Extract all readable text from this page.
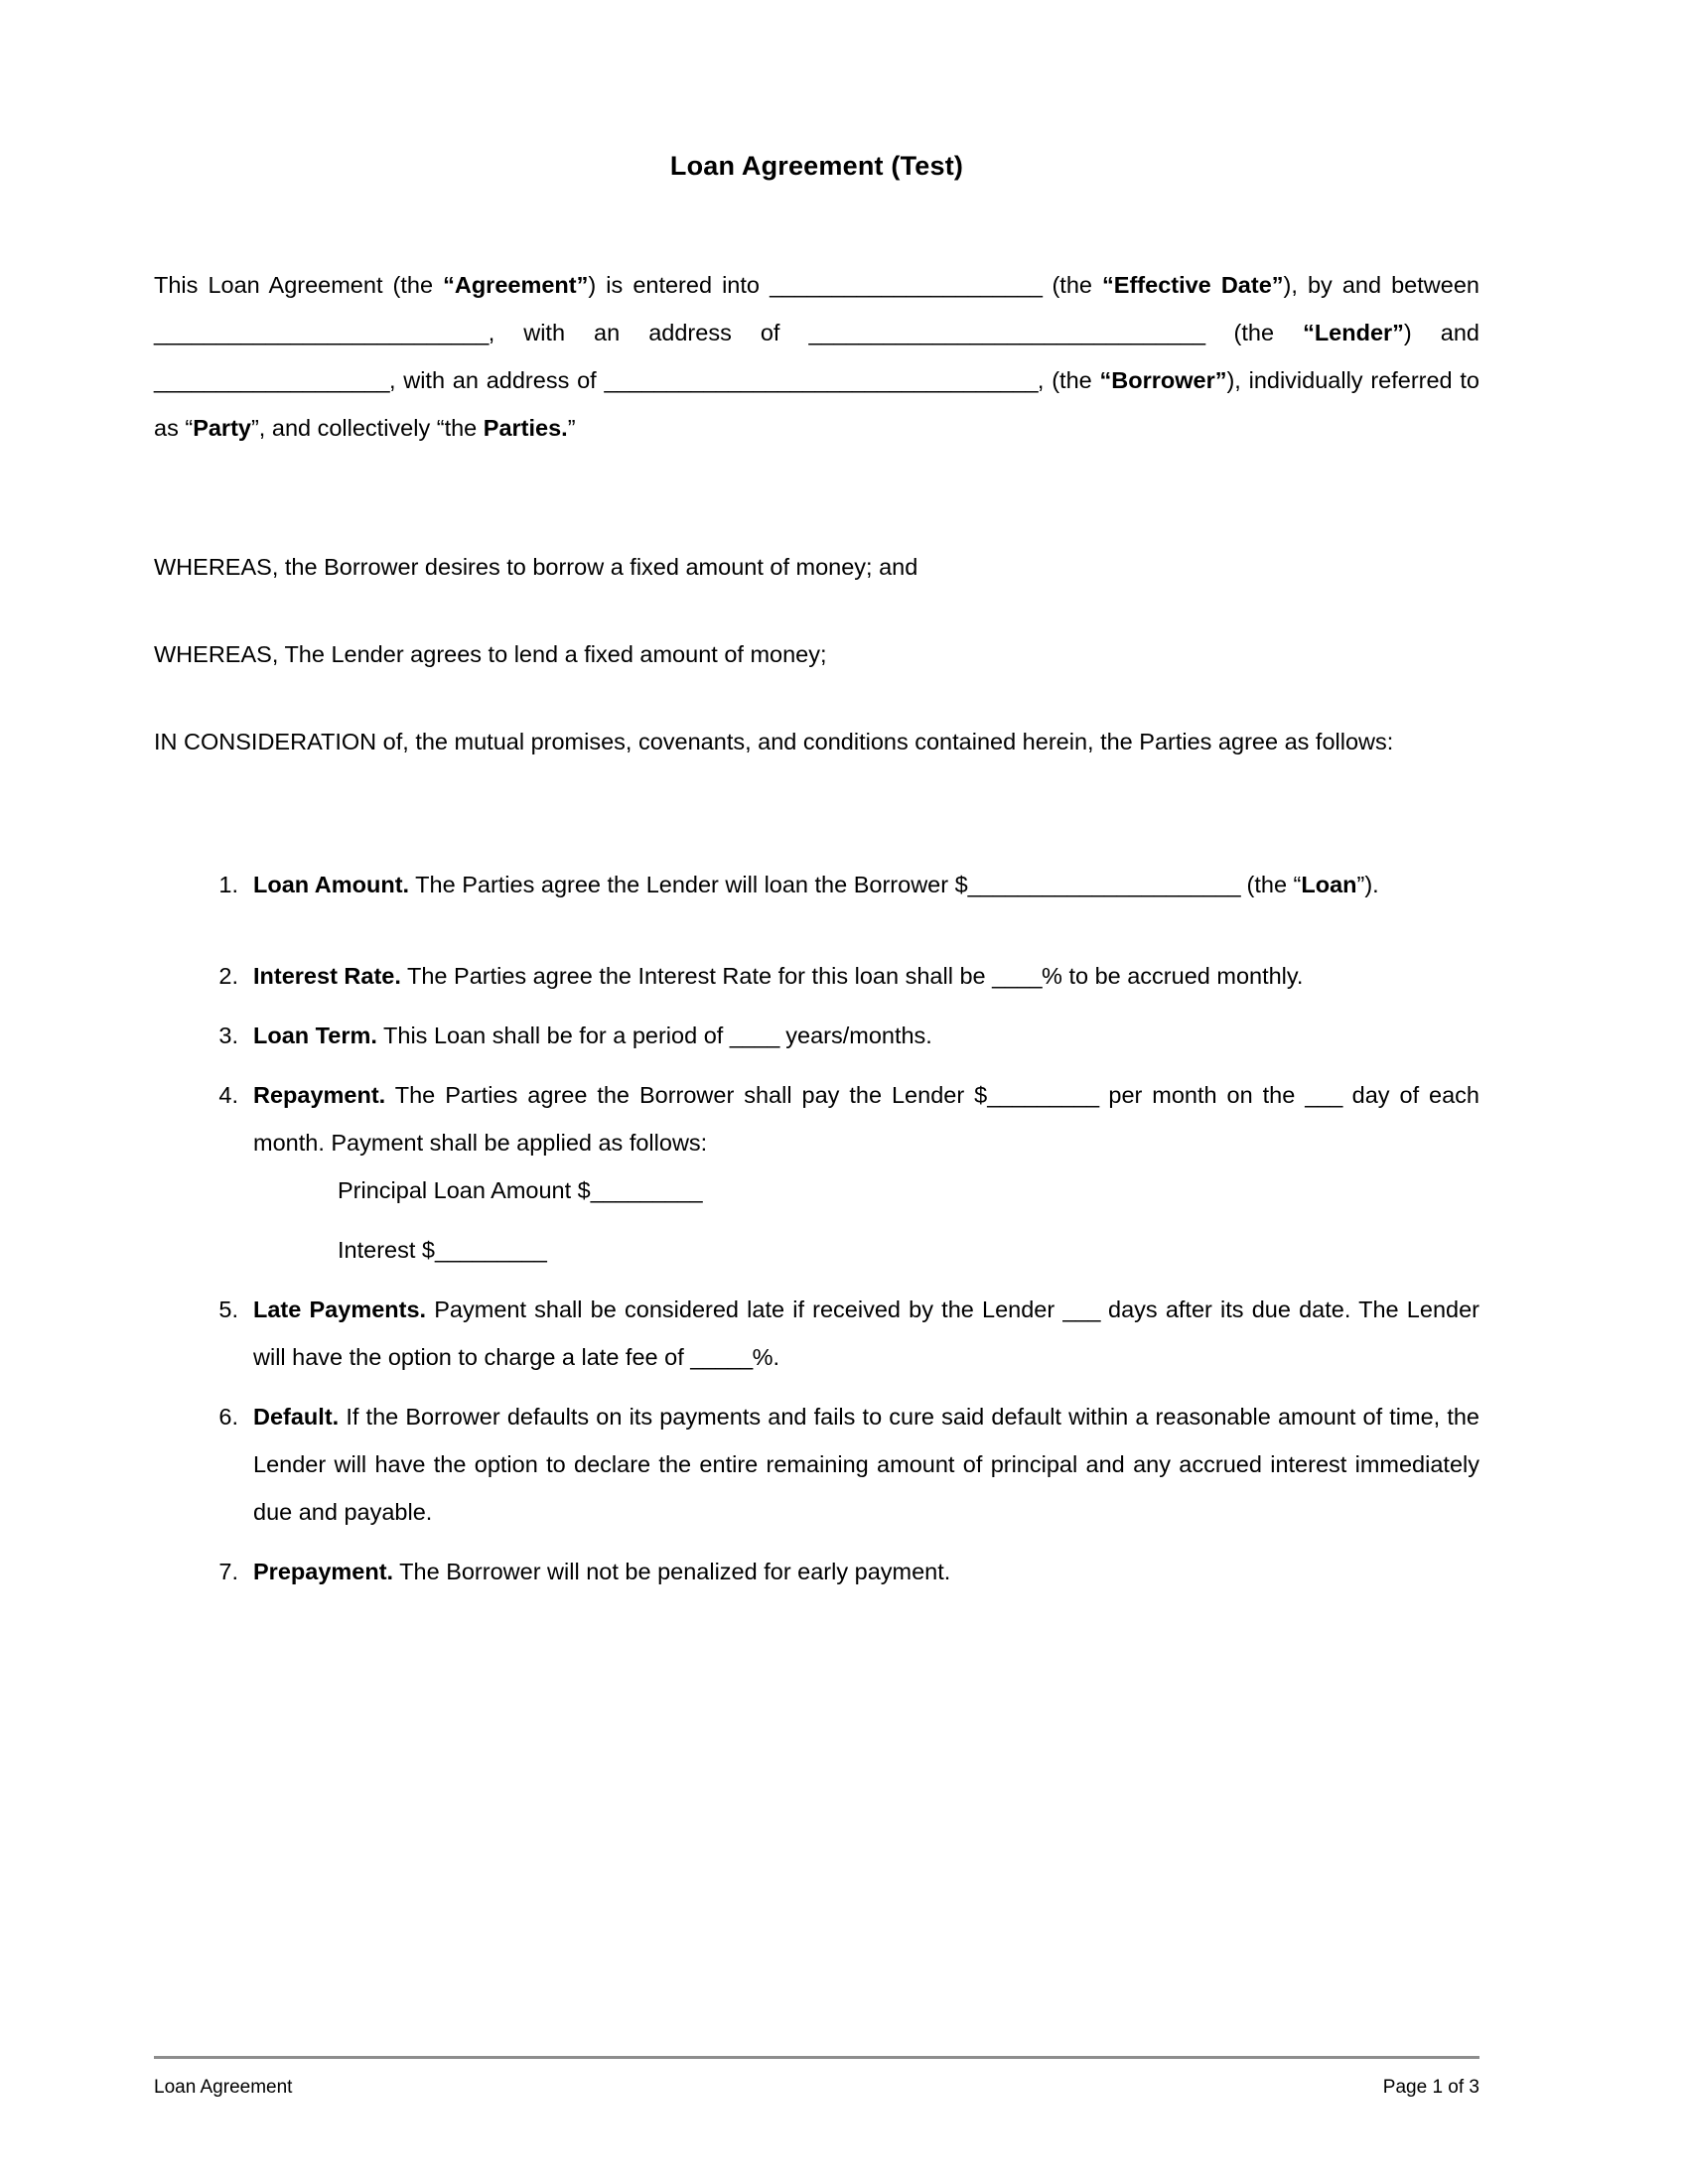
Loan Agreement (Test)

This Loan Agreement (the “Agreement”) is entered into ______________________ (the “Effective Date”), by and between ___________________________, with an address of ________________________________ (the “Lender”) and ___________________, with an address of ___________________________________, (the “Borrower”), individually referred to as “Party”, and collectively “the Parties.”

WHEREAS, the Borrower desires to borrow a fixed amount of money; and

WHEREAS, The Lender agrees to lend a fixed amount of money;

IN CONSIDERATION of, the mutual promises, covenants, and conditions contained herein, the Parties agree as follows:

1. Loan Amount. The Parties agree the Lender will loan the Borrower $______________________ (the “Loan”).
2. Interest Rate. The Parties agree the Interest Rate for this loan shall be ____% to be accrued monthly.
3. Loan Term. This Loan shall be for a period of ____ years/months.
4. Repayment. The Parties agree the Borrower shall pay the Lender $_________ per month on the ___ day of each month. Payment shall be applied as follows:
Principal Loan Amount $_________
Interest $_________
5. Late Payments. Payment shall be considered late if received by the Lender ___ days after its due date. The Lender will have the option to charge a late fee of _____%.
6. Default. If the Borrower defaults on its payments and fails to cure said default within a reasonable amount of time, the Lender will have the option to declare the entire remaining amount of principal and any accrued interest immediately due and payable.
7. Prepayment. The Borrower will not be penalized for early payment.
Loan Agreement	Page 1 of 3
